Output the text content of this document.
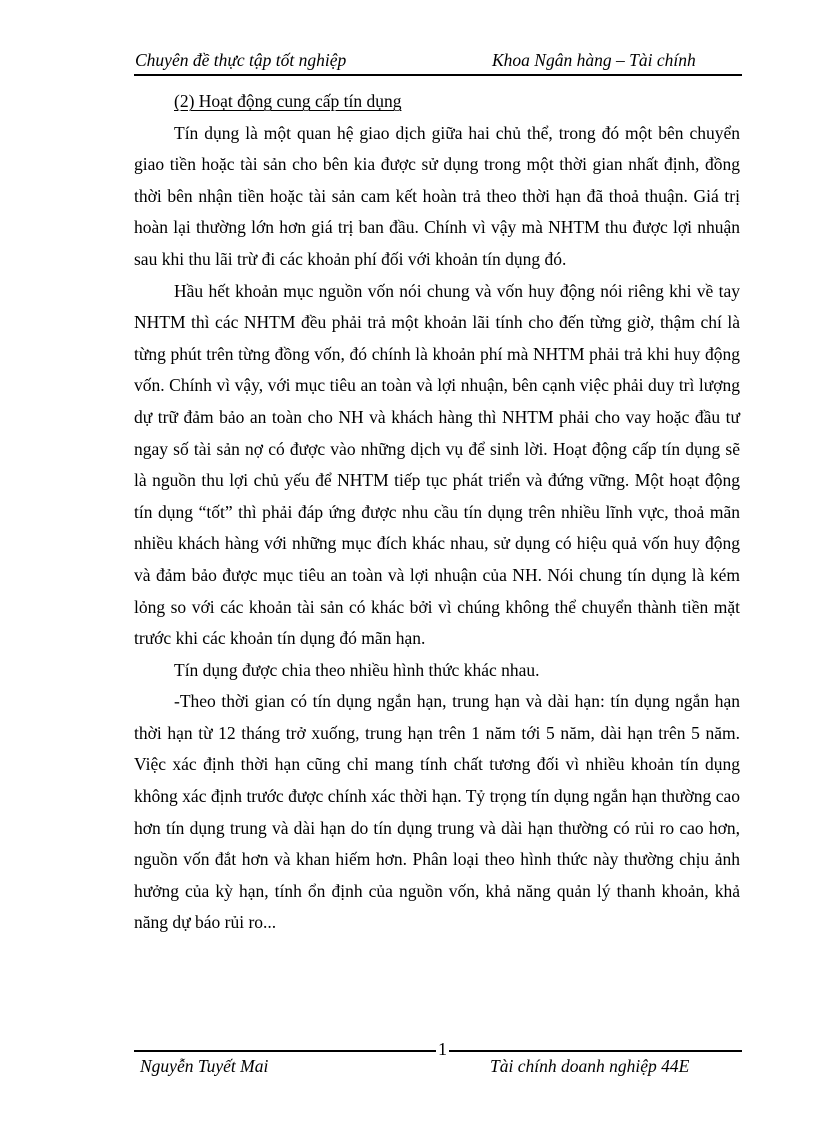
Chuyên đề thực tập tốt nghiệp	Khoa Ngân hàng – Tài chính

(2) Hoạt động cung cấp tín dụng

Tín dụng là một quan hệ giao dịch giữa hai chủ thể, trong đó một bên chuyển giao tiền hoặc tài sản cho bên kia được sử dụng trong một thời gian nhất định, đồng thời bên nhận tiền hoặc tài sản cam kết hoàn trả theo thời hạn đã thoả thuận. Giá trị hoàn lại thường lớn hơn giá trị ban đầu. Chính vì vậy mà NHTM thu được lợi nhuận sau khi thu lãi trừ đi các khoản phí đối với khoản tín dụng đó.

Hầu hết khoản mục nguồn vốn nói chung và vốn huy động nói riêng khi về tay NHTM thì các NHTM đều phải trả một khoản lãi tính cho đến từng giờ, thậm chí là từng phút trên từng đồng vốn, đó chính là khoản phí mà NHTM phải trả khi huy động vốn. Chính vì vậy, với mục tiêu an toàn và lợi nhuận, bên cạnh việc phải duy trì lượng dự trữ đảm bảo an toàn cho NH và khách hàng thì NHTM phải cho vay hoặc đầu tư ngay số tài sản nợ có được vào những dịch vụ để sinh lời. Hoạt động cấp tín dụng sẽ là nguồn thu lợi chủ yếu để NHTM tiếp tục phát triển và đứng vững. Một hoạt động tín dụng “tốt” thì phải đáp ứng được nhu cầu tín dụng trên nhiều lĩnh vực, thoả mãn nhiều khách hàng với những mục đích khác nhau, sử dụng có hiệu quả vốn huy động và đảm bảo được mục tiêu an toàn và lợi nhuận của NH. Nói chung tín dụng là kém lỏng so với các khoản tài sản có khác bởi vì chúng không thể chuyển thành tiền mặt trước khi các khoản tín dụng đó mãn hạn.

Tín dụng được chia theo nhiều hình thức khác nhau.

-Theo thời gian có tín dụng ngắn hạn, trung hạn và dài hạn: tín dụng ngắn hạn thời hạn từ 12 tháng trở xuống, trung hạn trên 1 năm tới 5 năm, dài hạn trên 5 năm. Việc xác định thời hạn cũng chỉ mang tính chất tương đối vì nhiều khoản tín dụng không xác định trước được chính xác thời hạn. Tỷ trọng tín dụng ngắn hạn thường cao hơn tín dụng trung và dài hạn do tín dụng trung và dài hạn thường có rủi ro cao hơn, nguồn vốn đắt hơn và khan hiếm hơn. Phân loại theo hình thức này thường chịu ảnh hưởng của kỳ hạn, tính ổn định của nguồn vốn, khả năng quản lý thanh khoản, khả năng dự báo rủi ro...

Nguyễn Tuyết Mai
1
Tài chính doanh nghiệp 44E
